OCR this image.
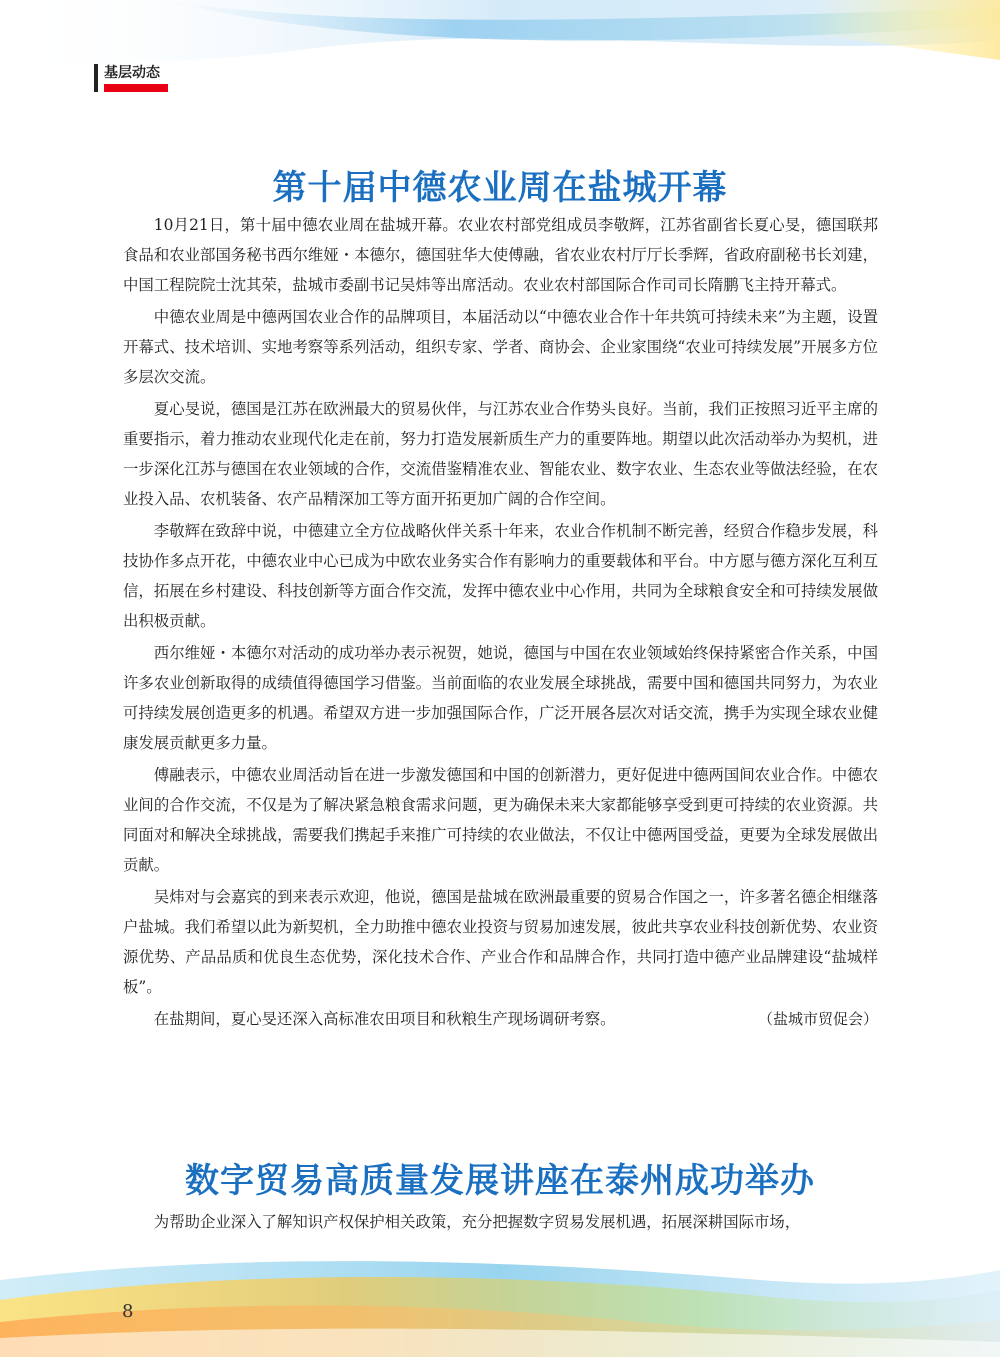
基层动态
第十届中德农业周在盐城开幕

10月21日，第十届中德农业周在盐城开幕。农业农村部党组成员李敬辉，江苏省副省长夏心旻，德国联邦食品和农业部国务秘书西尔维娅・本德尔，德国驻华大使傅融，省农业农村厅厅长季辉，省政府副秘书长刘建，中国工程院院士沈其荣，盐城市委副书记吴炜等出席活动。农业农村部国际合作司司长隋鹏飞主持开幕式。

中德农业周是中德两国农业合作的品牌项目，本届活动以“中德农业合作十年共筑可持续未来”为主题，设置开幕式、技术培训、实地考察等系列活动，组织专家、学者、商协会、企业家围绕“农业可持续发展”开展多方位多层次交流。

夏心旻说，德国是江苏在欧洲最大的贸易伙伴，与江苏农业合作势头良好。当前，我们正按照习近平主席的重要指示，着力推动农业现代化走在前，努力打造发展新质生产力的重要阵地。期望以此次活动举办为契机，进一步深化江苏与德国在农业领域的合作，交流借鉴精准农业、智能农业、数字农业、生态农业等做法经验，在农业投入品、农机装备、农产品精深加工等方面开拓更加广阔的合作空间。

李敬辉在致辞中说，中德建立全方位战略伙伴关系十年来，农业合作机制不断完善，经贸合作稳步发展，科技协作多点开花，中德农业中心已成为中欧农业务实合作有影响力的重要载体和平台。中方愿与德方深化互利互信，拓展在乡村建设、科技创新等方面合作交流，发挥中德农业中心作用，共同为全球粮食安全和可持续发展做出积极贡献。

西尔维娅・本德尔对活动的成功举办表示祝贺，她说，德国与中国在农业领域始终保持紧密合作关系，中国许多农业创新取得的成绩值得德国学习借鉴。当前面临的农业发展全球挑战，需要中国和德国共同努力，为农业可持续发展创造更多的机遇。希望双方进一步加强国际合作，广泛开展各层次对话交流，携手为实现全球农业健康发展贡献更多力量。

傅融表示，中德农业周活动旨在进一步激发德国和中国的创新潜力，更好促进中德两国间农业合作。中德农业间的合作交流，不仅是为了解决紧急粮食需求问题，更为确保未来大家都能够享受到更可持续的农业资源。共同面对和解决全球挑战，需要我们携起手来推广可持续的农业做法，不仅让中德两国受益，更要为全球发展做出贡献。

吴炜对与会嘉宾的到来表示欢迎，他说，德国是盐城在欧洲最重要的贸易合作国之一，许多著名德企相继落户盐城。我们希望以此为新契机，全力助推中德农业投资与贸易加速发展，彼此共享农业科技创新优势、农业资源优势、产品品质和优良生态优势，深化技术合作、产业合作和品牌合作，共同打造中德产业品牌建设“盐城样板”。

在盐期间，夏心旻还深入高标准农田项目和秋粮生产现场调研考察。	（盐城市贸促会）
数字贸易高质量发展讲座在泰州成功举办

为帮助企业深入了解知识产权保护相关政策，充分把握数字贸易发展机遇，拓展深耕国际市场，

8
